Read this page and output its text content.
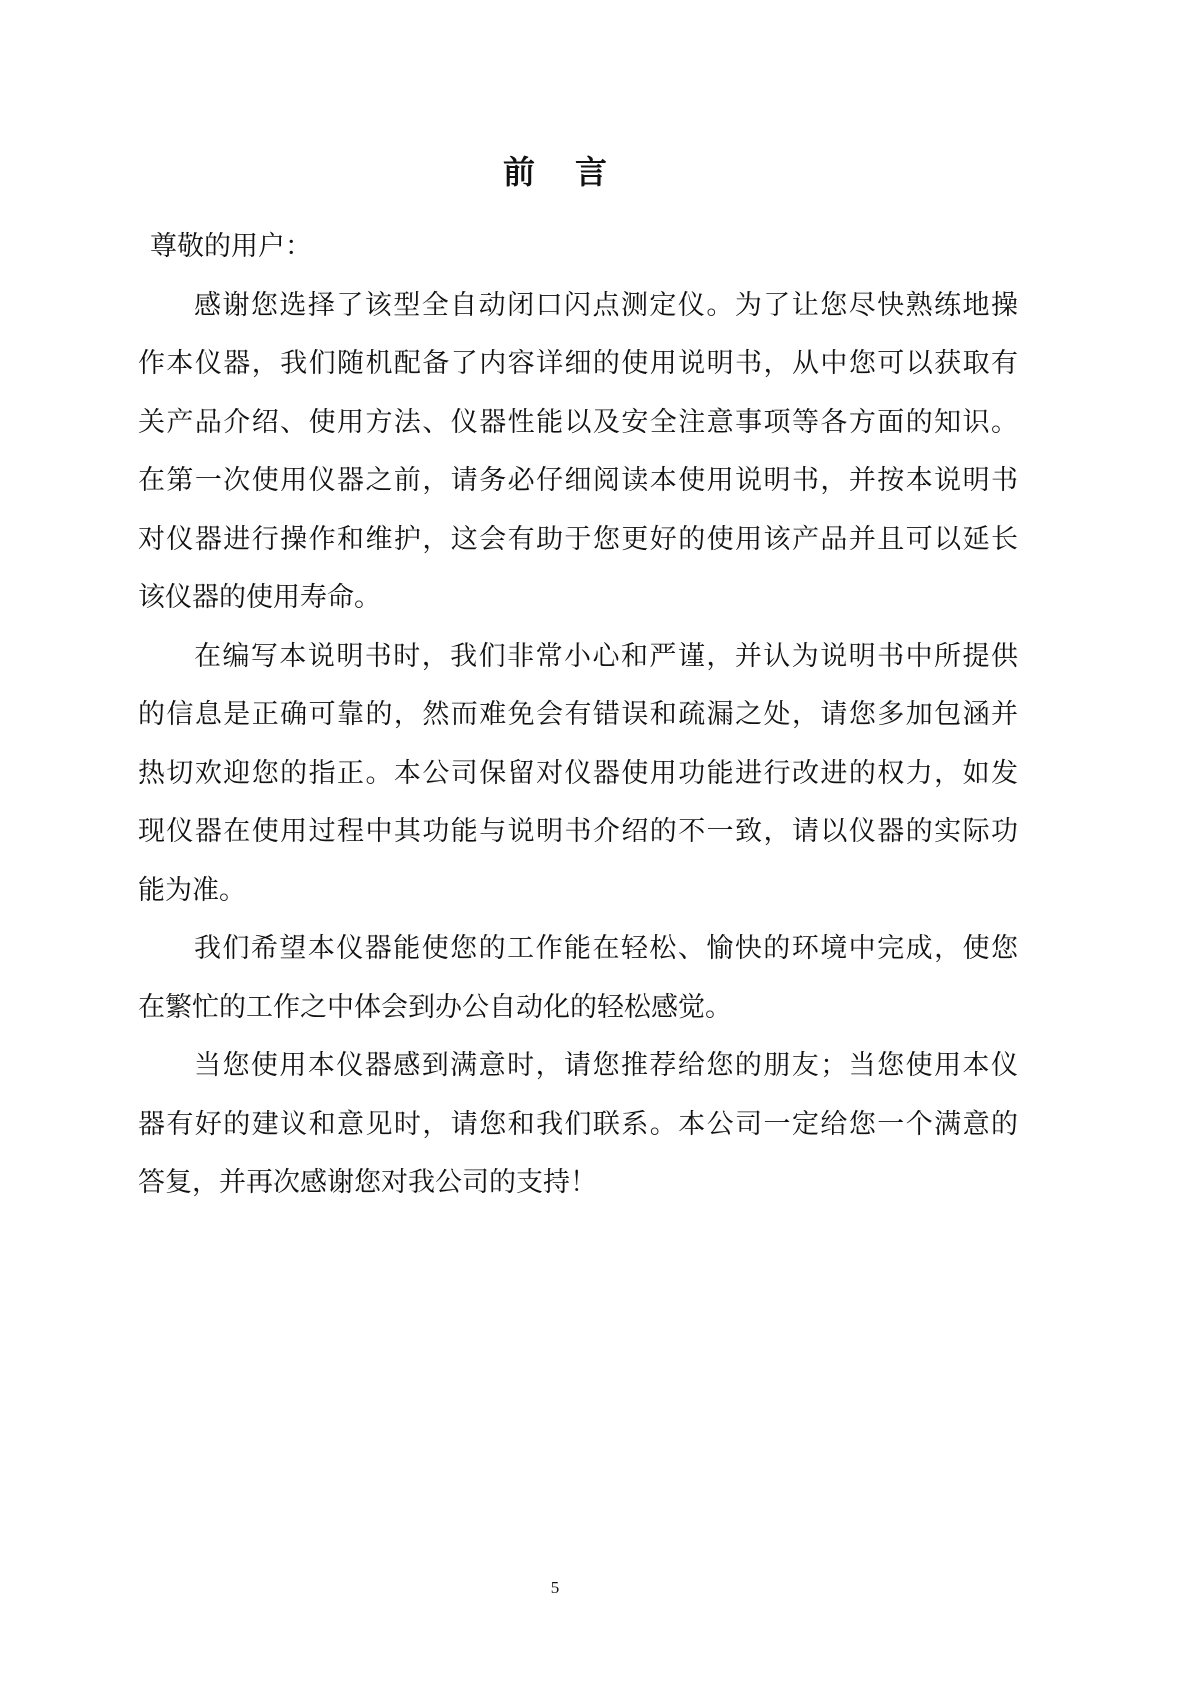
前 言
尊敬的用户：
感谢您选择了该型全自动闭口闪点测定仪。为了让您尽快熟练地操
作本仪器，我们随机配备了内容详细的使用说明书，从中您可以获取有
关产品介绍、使用方法、仪器性能以及安全注意事项等各方面的知识。
在第一次使用仪器之前，请务必仔细阅读本使用说明书，并按本说明书
对仪器进行操作和维护，这会有助于您更好的使用该产品并且可以延长
该仪器的使用寿命。
在编写本说明书时，我们非常小心和严谨，并认为说明书中所提供
的信息是正确可靠的，然而难免会有错误和疏漏之处，请您多加包涵并
热切欢迎您的指正。本公司保留对仪器使用功能进行改进的权力，如发
现仪器在使用过程中其功能与说明书介绍的不一致，请以仪器的实际功
能为准。
我们希望本仪器能使您的工作能在轻松、愉快的环境中完成，使您
在繁忙的工作之中体会到办公自动化的轻松感觉。
当您使用本仪器感到满意时，请您推荐给您的朋友；当您使用本仪
器有好的建议和意见时，请您和我们联系。本公司一定给您一个满意的
答复，并再次感谢您对我公司的支持！
5
